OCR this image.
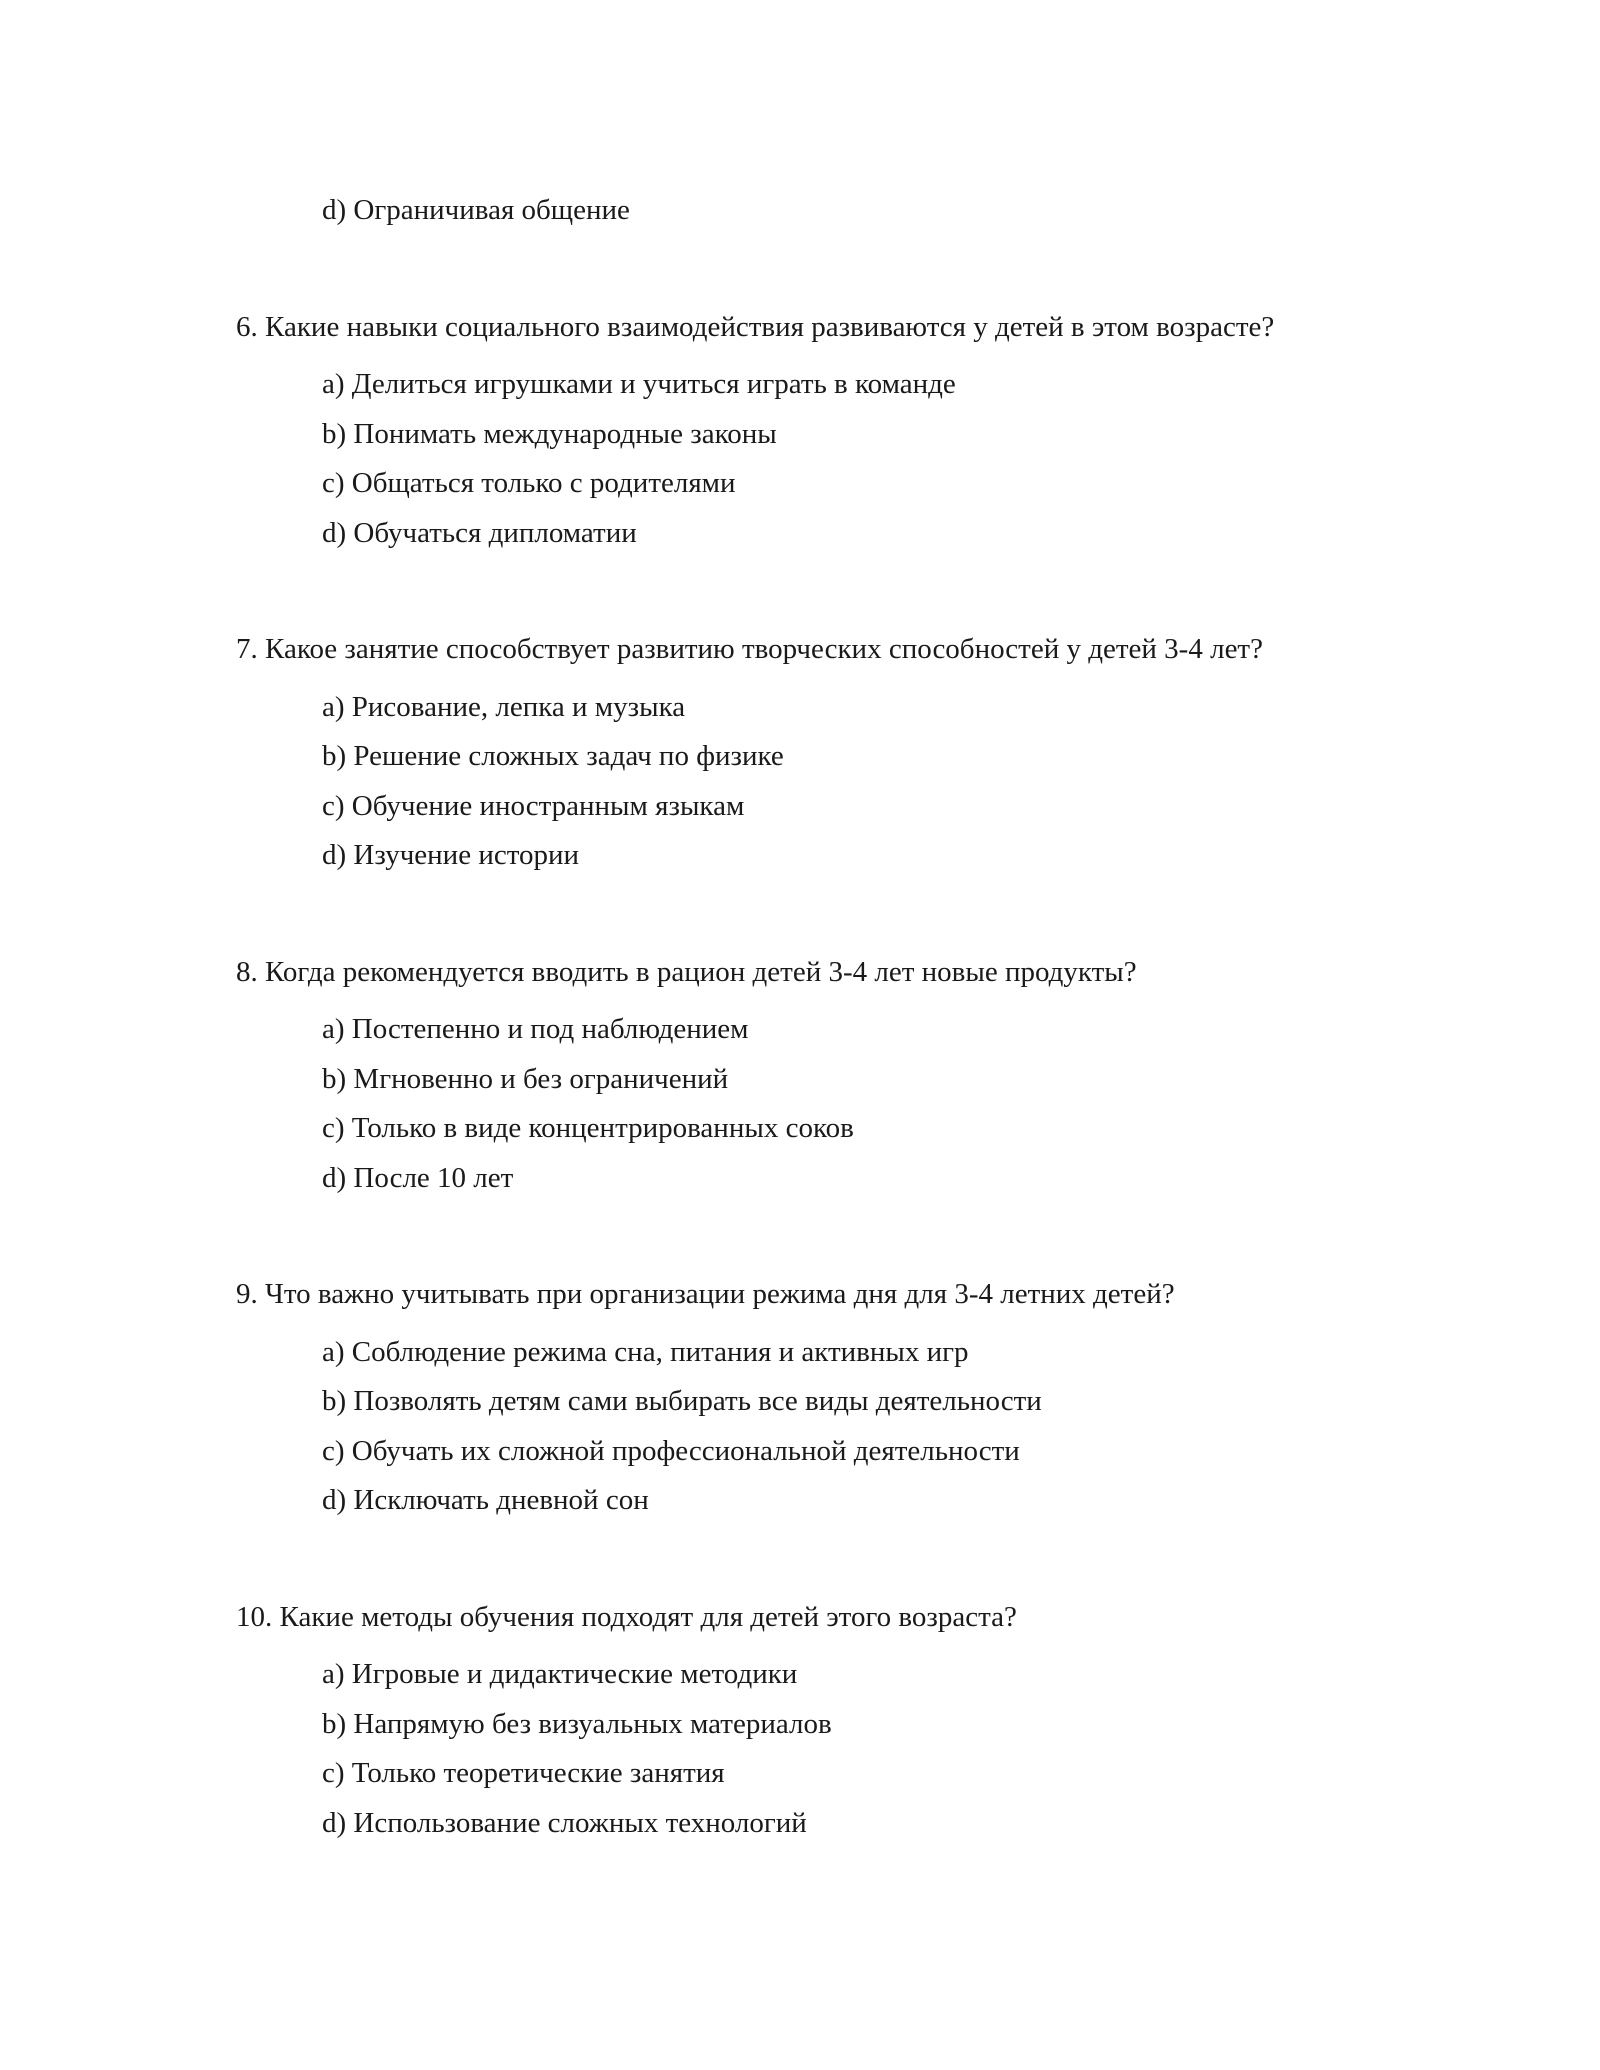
d) Ограничивая общение
6. Какие навыки социального взаимодействия развиваются у детей в этом возрасте?
a) Делиться игрушками и учиться играть в команде
b) Понимать международные законы
c) Общаться только с родителями
d) Обучаться дипломатии
7. Какое занятие способствует развитию творческих способностей у детей 3-4 лет?
a) Рисование, лепка и музыка
b) Решение сложных задач по физике
c) Обучение иностранным языкам
d) Изучение истории
8. Когда рекомендуется вводить в рацион детей 3-4 лет новые продукты?
a) Постепенно и под наблюдением
b) Мгновенно и без ограничений
c) Только в виде концентрированных соков
d) После 10 лет
9. Что важно учитывать при организации режима дня для 3-4 летних детей?
a) Соблюдение режима сна, питания и активных игр
b) Позволять детям сами выбирать все виды деятельности
c) Обучать их сложной профессиональной деятельности
d) Исключать дневной сон
10. Какие методы обучения подходят для детей этого возраста?
a) Игровые и дидактические методики
b) Напрямую без визуальных материалов
c) Только теоретические занятия
d) Использование сложных технологий
